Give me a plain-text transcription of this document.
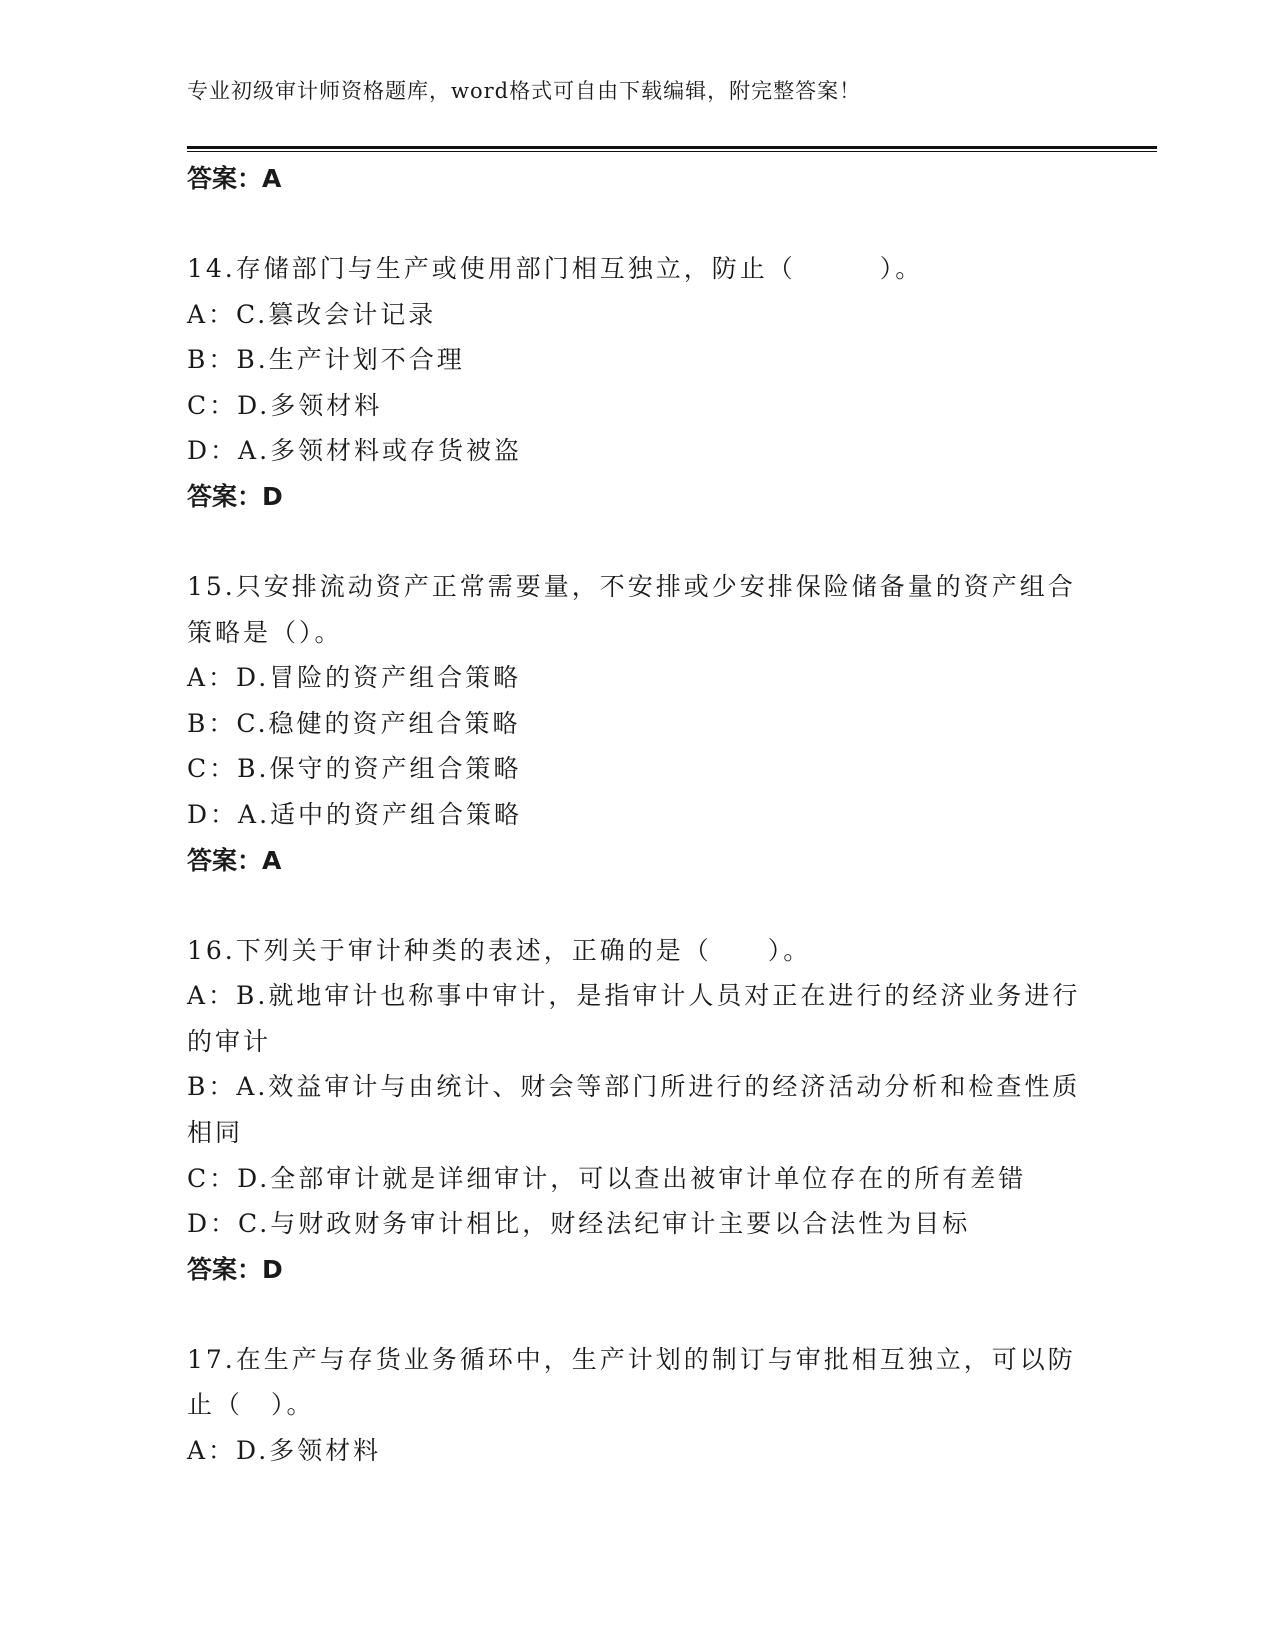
专业初级审计师资格题库，word格式可自由下载编辑，附完整答案！
答案：A
14.存储部门与生产或使用部门相互独立，防止（　　　）。
A：C.篡改会计记录
B：B.生产计划不合理
C：D.多领材料
D：A.多领材料或存货被盗
答案：D
15.只安排流动资产正常需要量，不安排或少安排保险储备量的资产组合策略是（）。
A：D.冒险的资产组合策略
B：C.稳健的资产组合策略
C：B.保守的资产组合策略
D：A.适中的资产组合策略
答案：A
16.下列关于审计种类的表述，正确的是（　　）。
A：B.就地审计也称事中审计，是指审计人员对正在进行的经济业务进行的审计
B：A.效益审计与由统计、财会等部门所进行的经济活动分析和检查性质相同
C：D.全部审计就是详细审计，可以查出被审计单位存在的所有差错
D：C.与财政财务审计相比，财经法纪审计主要以合法性为目标
答案：D
17.在生产与存货业务循环中，生产计划的制订与审批相互独立，可以防止（　）。
A：D.多领材料
